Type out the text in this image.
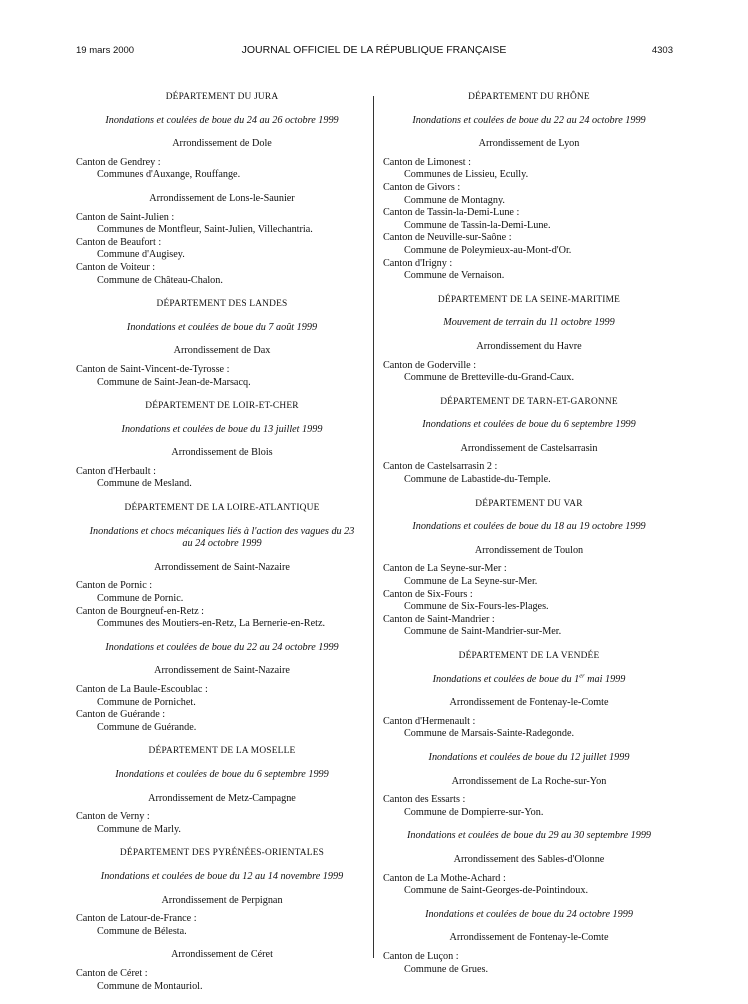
19 mars 2000	JOURNAL OFFICIEL DE LA RÉPUBLIQUE FRANÇAISE	4303
DÉPARTEMENT DU JURA
Inondations et coulées de boue du 24 au 26 octobre 1999
Arrondissement de Dole
Canton de Gendrey :
Communes d'Auxange, Rouffange.
Arrondissement de Lons-le-Saunier
Canton de Saint-Julien :
Communes de Montfleur, Saint-Julien, Villechantria.
Canton de Beaufort :
Commune d'Augisey.
Canton de Voiteur :
Commune de Château-Chalon.
DÉPARTEMENT DES LANDES
Inondations et coulées de boue du 7 août 1999
Arrondissement de Dax
Canton de Saint-Vincent-de-Tyrosse :
Commune de Saint-Jean-de-Marsacq.
DÉPARTEMENT DE LOIR-ET-CHER
Inondations et coulées de boue du 13 juillet 1999
Arrondissement de Blois
Canton d'Herbault :
Commune de Mesland.
DÉPARTEMENT DE LA LOIRE-ATLANTIQUE
Inondations et chocs mécaniques liés à l'action des vagues du 23 au 24 octobre 1999
Arrondissement de Saint-Nazaire
Canton de Pornic :
Commune de Pornic.
Canton de Bourgneuf-en-Retz :
Communes des Moutiers-en-Retz, La Bernerie-en-Retz.
Inondations et coulées de boue du 22 au 24 octobre 1999
Arrondissement de Saint-Nazaire
Canton de La Baule-Escoublac :
Commune de Pornichet.
Canton de Guérande :
Commune de Guérande.
DÉPARTEMENT DE LA MOSELLE
Inondations et coulées de boue du 6 septembre 1999
Arrondissement de Metz-Campagne
Canton de Verny :
Commune de Marly.
DÉPARTEMENT DES PYRÉNÉES-ORIENTALES
Inondations et coulées de boue du 12 au 14 novembre 1999
Arrondissement de Perpignan
Canton de Latour-de-France :
Commune de Bélesta.
Arrondissement de Céret
Canton de Céret :
Commune de Montauriol.
DÉPARTEMENT DU RHÔNE
Inondations et coulées de boue du 22 au 24 octobre 1999
Arrondissement de Lyon
Canton de Limonest :
Communes de Lissieu, Ecully.
Canton de Givors :
Commune de Montagny.
Canton de Tassin-la-Demi-Lune :
Commune de Tassin-la-Demi-Lune.
Canton de Neuville-sur-Saône :
Commune de Poleymieux-au-Mont-d'Or.
Canton d'Irigny :
Commune de Vernaison.
DÉPARTEMENT DE LA SEINE-MARITIME
Mouvement de terrain du 11 octobre 1999
Arrondissement du Havre
Canton de Goderville :
Commune de Bretteville-du-Grand-Caux.
DÉPARTEMENT DE TARN-ET-GARONNE
Inondations et coulées de boue du 6 septembre 1999
Arrondissement de Castelsarrasin
Canton de Castelsarrasin 2 :
Commune de Labastide-du-Temple.
DÉPARTEMENT DU VAR
Inondations et coulées de boue du 18 au 19 octobre 1999
Arrondissement de Toulon
Canton de La Seyne-sur-Mer :
Commune de La Seyne-sur-Mer.
Canton de Six-Fours :
Commune de Six-Fours-les-Plages.
Canton de Saint-Mandrier :
Commune de Saint-Mandrier-sur-Mer.
DÉPARTEMENT DE LA VENDÉE
Inondations et coulées de boue du 1er mai 1999
Arrondissement de Fontenay-le-Comte
Canton d'Hermenault :
Commune de Marsais-Sainte-Radegonde.
Inondations et coulées de boue du 12 juillet 1999
Arrondissement de La Roche-sur-Yon
Canton des Essarts :
Commune de Dompierre-sur-Yon.
Inondations et coulées de boue du 29 au 30 septembre 1999
Arrondissement des Sables-d'Olonne
Canton de La Mothe-Achard :
Commune de Saint-Georges-de-Pointindoux.
Inondations et coulées de boue du 24 octobre 1999
Arrondissement de Fontenay-le-Comte
Canton de Luçon :
Commune de Grues.
